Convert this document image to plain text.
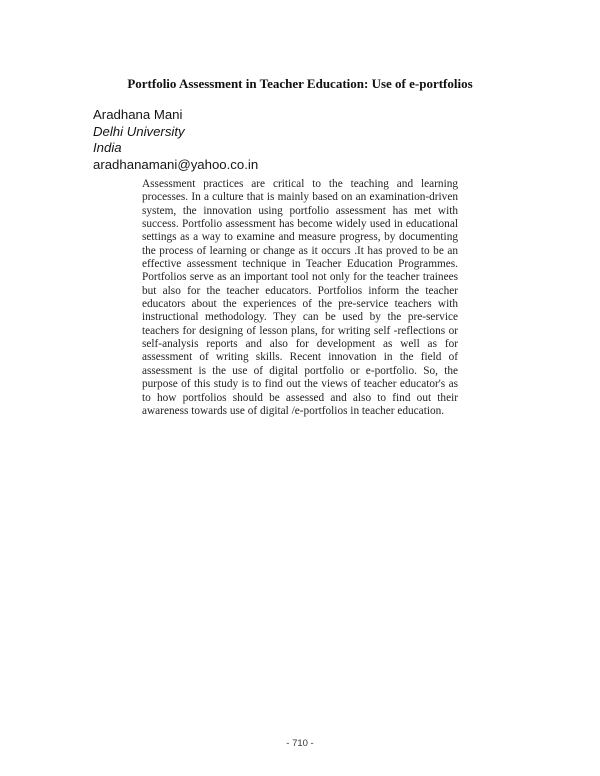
Portfolio Assessment in Teacher Education: Use of e-portfolios
Aradhana Mani
Delhi University
India
aradhanamani@yahoo.co.in

Assessment practices are critical to the teaching and learning processes. In a culture that is mainly based on an examination-driven system, the innovation using portfolio assessment has met with success. Portfolio assessment has become widely used in educational settings as a way to examine and measure progress, by documenting the process of learning or change as it occurs .It has proved to be an effective assessment technique in Teacher Education Programmes. Portfolios serve as an important tool not only for the teacher trainees but also for the teacher educators. Portfolios inform the teacher educators about the experiences of the pre-service teachers with instructional methodology. They can be used by the pre-service teachers for designing of lesson plans, for writing self -reflections or self-analysis reports and also for development as well as for assessment of writing skills. Recent innovation in the field of assessment is the use of digital portfolio or e-portfolio. So, the purpose of this study is to find out the views of teacher educator's as to how portfolios should be assessed and also to find out their awareness towards use of digital /e-portfolios in teacher education.

- 710 -
